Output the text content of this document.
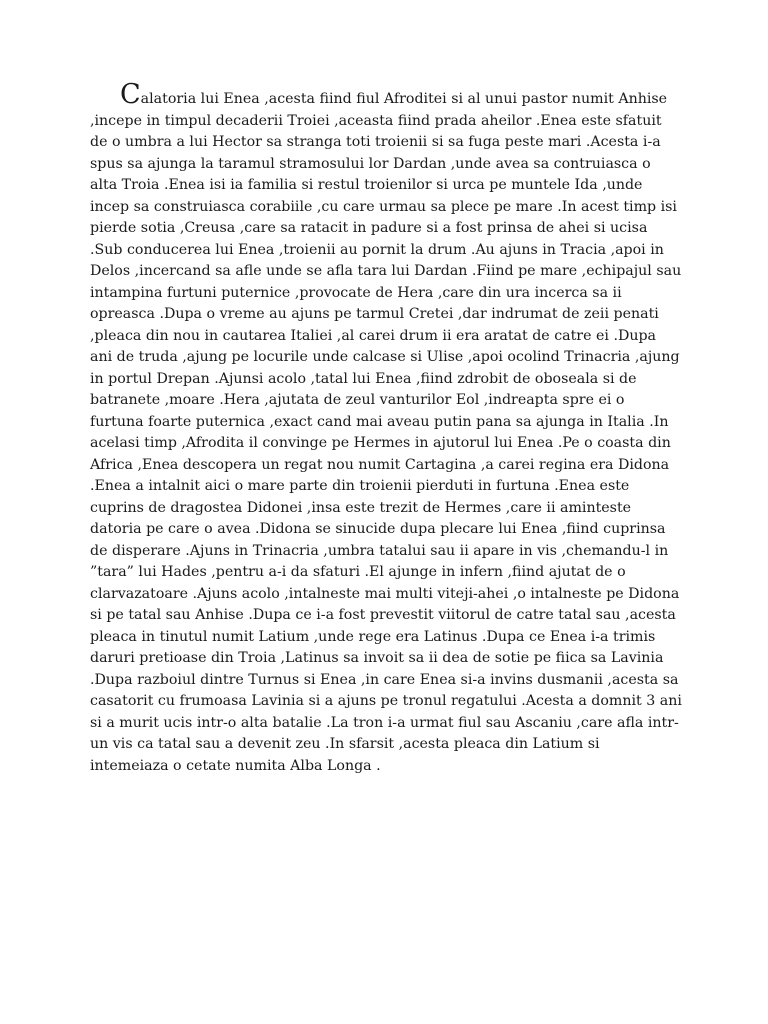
Calatoria lui Enea ,acesta fiind fiul Afroditei si al unui pastor numit Anhise ,incepe in timpul decaderii Troiei ,aceasta fiind prada aheilor .Enea este sfatuit de o umbra a lui Hector sa stranga toti troienii si sa fuga peste mari .Acesta i-a spus sa ajunga la taramul stramosului lor Dardan ,unde avea sa contruiasca o alta Troia .Enea isi ia familia si restul troienilor si urca pe muntele Ida ,unde incep sa construiasca corabiile ,cu care urmau sa plece pe mare .In acest timp isi pierde sotia ,Creusa ,care sa ratacit in padure si a fost prinsa de ahei si ucisa .Sub conducerea lui Enea ,troienii au pornit la drum .Au ajuns in Tracia ,apoi in Delos ,incercand sa afle unde se afla tara lui Dardan .Fiind pe mare ,echipajul sau intampina furtuni puternice ,provocate de Hera ,care din ura incerca sa ii opreasca .Dupa o vreme au ajuns pe tarmul Cretei ,dar indrumat de zeii penati ,pleaca din nou in cautarea Italiei ,al carei drum ii era aratat de catre ei .Dupa ani de truda ,ajung pe locurile unde calcase si Ulise ,apoi ocolind Trinacria ,ajung in portul Drepan .Ajunsi acolo ,tatal lui Enea ,fiind zdrobit de oboseala si de batranete ,moare .Hera ,ajutata de zeul vanturilor Eol ,indreapta spre ei o furtuna foarte puternica ,exact cand mai aveau putin pana sa ajunga in Italia .In acelasi timp ,Afrodita il convinge pe Hermes in ajutorul lui Enea .Pe o coasta din Africa ,Enea descopera un regat nou numit Cartagina ,a carei regina era Didona .Enea a intalnit aici o mare parte din troienii pierduti in furtuna .Enea este cuprins de dragostea Didonei ,insa este trezit de Hermes ,care ii aminteste datoria pe care o avea .Didona se sinucide dupa plecare lui Enea ,fiind cuprinsa de disperare .Ajuns in Trinacria ,umbra tatalui sau ii apare in vis ,chemandu-l in ”tara” lui Hades ,pentru a-i da sfaturi .El ajunge in infern ,fiind ajutat de o clarvazatoare .Ajuns acolo ,intalneste mai multi viteji-ahei ,o intalneste pe Didona si pe tatal sau Anhise .Dupa ce i-a fost prevestit viitorul de catre tatal sau ,acesta pleaca in tinutul numit Latium ,unde rege era Latinus .Dupa ce Enea i-a trimis daruri pretioase din Troia ,Latinus sa invoit sa ii dea de sotie pe fiica sa Lavinia .Dupa razboiul dintre Turnus si Enea ,in care Enea si-a invins dusmanii ,acesta sa casatorit cu frumoasa Lavinia si a ajuns pe tronul regatului .Acesta a domnit 3 ani si a murit ucis intr-o alta batalie .La tron i-a urmat fiul sau Ascaniu ,care afla intr-un vis ca tatal sau a devenit zeu .In sfarsit ,acesta pleaca din Latium si intemeiaza o cetate numita Alba Longa .
